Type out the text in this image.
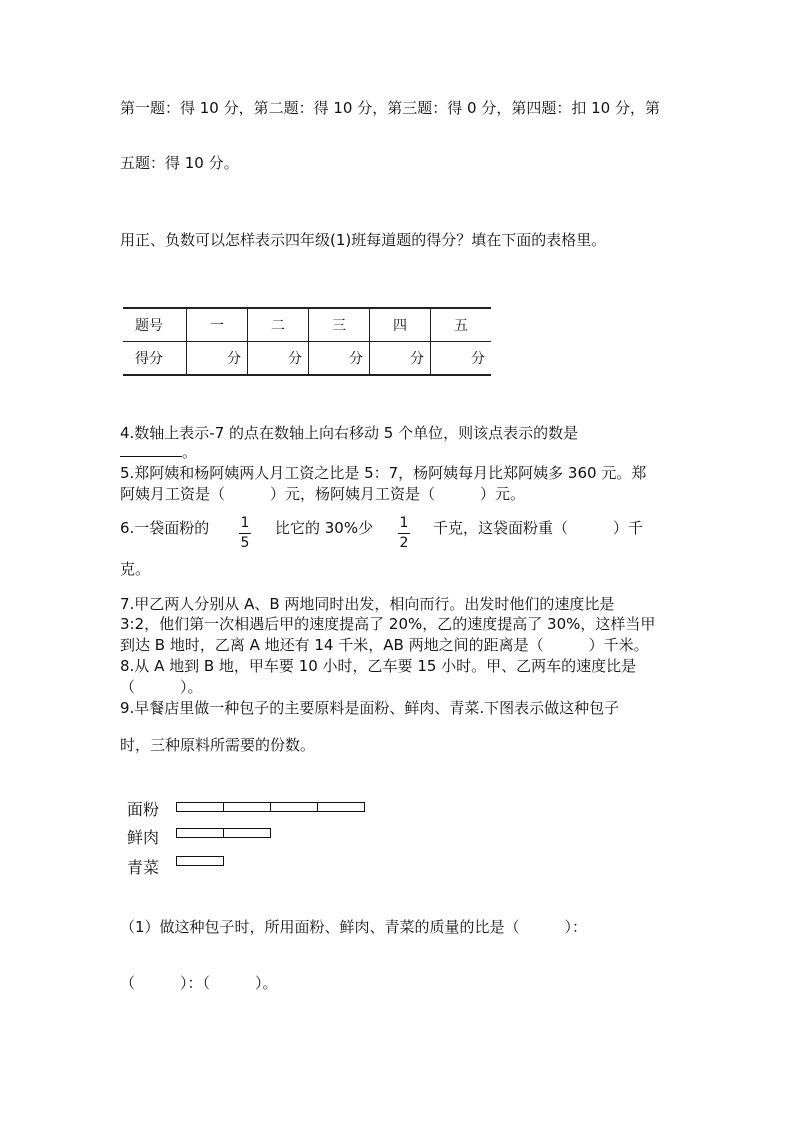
第一题：得 10 分，第二题：得 10 分，第三题：得 0 分，第四题：扣 10 分，第
五题：得 10 分。
用正、负数可以怎样表示四年级(1)班每道题的得分？填在下面的表格里。
题号	一	二	三	四	五
得分	分	分	分	分	分
4.数轴上表示-7 的点在数轴上向右移动 5 个单位，则该点表示的数是
。
5.郑阿姨和杨阿姨两人月工资之比是 5：7，杨阿姨每月比郑阿姨多 360 元。郑
阿姨月工资是（　　　）元，杨阿姨月工资是（　　　）元。
6.一袋面粉的 1
5
比它的 30%少 1
2
千克，这袋面粉重（　　　）千
克。
7.甲乙两人分别从 A、B 两地同时出发，相向而行。出发时他们的速度比是
3:2，他们第一次相遇后甲的速度提高了 20%，乙的速度提高了 30%，这样当甲
到达 B 地时，乙离 A 地还有 14 千米，AB 两地之间的距离是（　　　）千米。
8.从 A 地到 B 地，甲车要 10 小时，乙车要 15 小时。甲、乙两车的速度比是
（　　　）。
9.早餐店里做一种包子的主要原料是面粉、鲜肉、青菜.下图表示做这种包子
时，三种原料所需要的份数。
面粉
鲜肉
青菜
（1）做这种包子时，所用面粉、鲜肉、青菜的质量的比是（　　　）：
（　　　）：（　　　）。
